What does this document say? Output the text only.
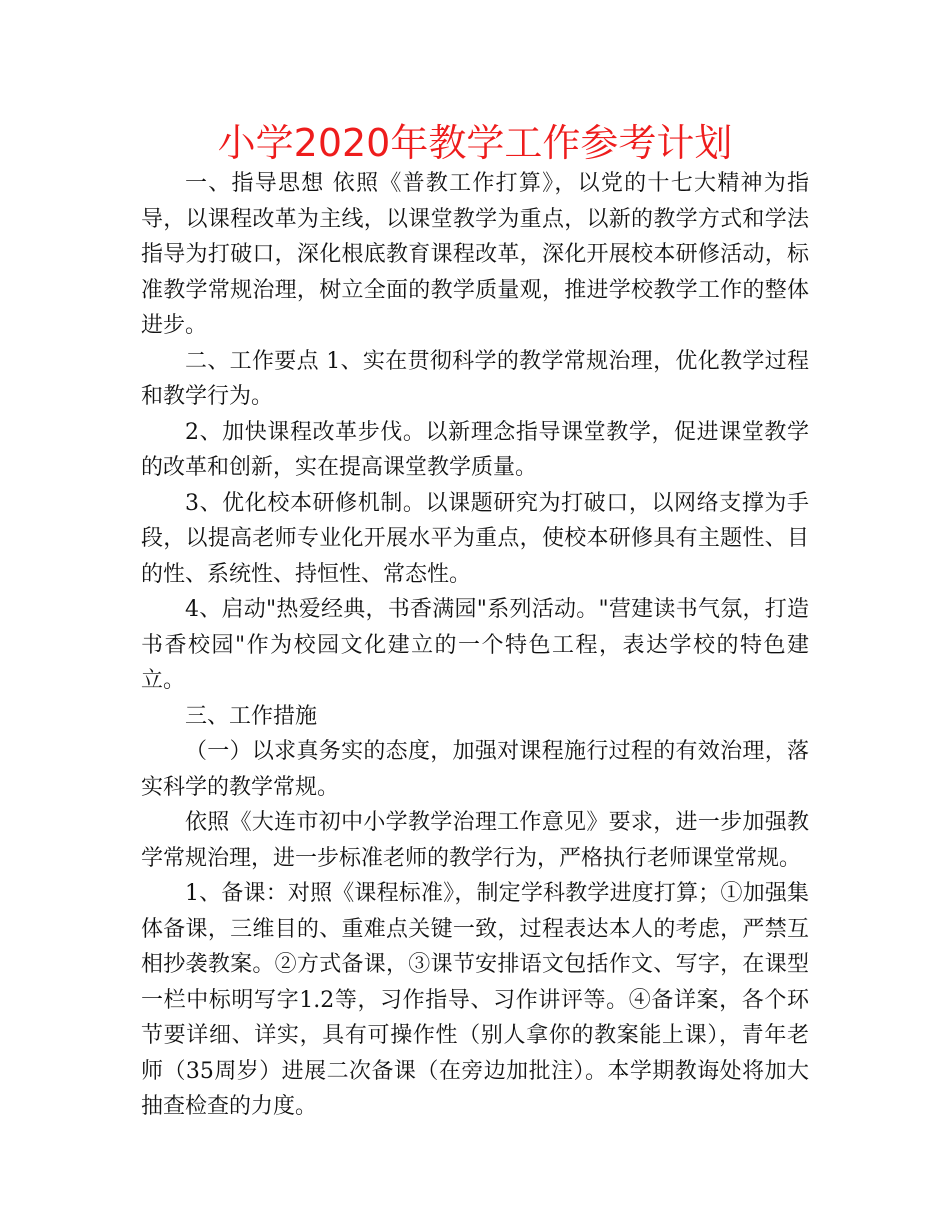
小学2020年教学工作参考计划

一、指导思想 依照《普教工作打算》，以党的十七大精神为指导，以课程改革为主线，以课堂教学为重点，以新的教学方式和学法指导为打破口，深化根底教育课程改革，深化开展校本研修活动，标准教学常规治理，树立全面的教学质量观，推进学校教学工作的整体进步。

二、工作要点 1、实在贯彻科学的教学常规治理，优化教学过程和教学行为。

2、加快课程改革步伐。以新理念指导课堂教学，促进课堂教学的改革和创新，实在提高课堂教学质量。

3、优化校本研修机制。以课题研究为打破口，以网络支撑为手段，以提高老师专业化开展水平为重点，使校本研修具有主题性、目的性、系统性、持恒性、常态性。

4、启动"热爱经典，书香满园"系列活动。"营建读书气氛，打造书香校园"作为校园文化建立的一个特色工程，表达学校的特色建立。

三、工作措施

（一）以求真务实的态度，加强对课程施行过程的有效治理，落实科学的教学常规。

依照《大连市初中小学教学治理工作意见》要求，进一步加强教学常规治理，进一步标准老师的教学行为，严格执行老师课堂常规。

1、备课：对照《课程标准》，制定学科教学进度打算；①加强集体备课，三维目的、重难点关键一致，过程表达本人的考虑，严禁互相抄袭教案。②方式备课，③课节安排语文包括作文、写字，在课型一栏中标明写字1.2等，习作指导、习作讲评等。④备详案，各个环节要详细、详实，具有可操作性（别人拿你的教案能上课），青年老师（35周岁）进展二次备课（在旁边加批注）。本学期教诲处将加大抽查检查的力度。
